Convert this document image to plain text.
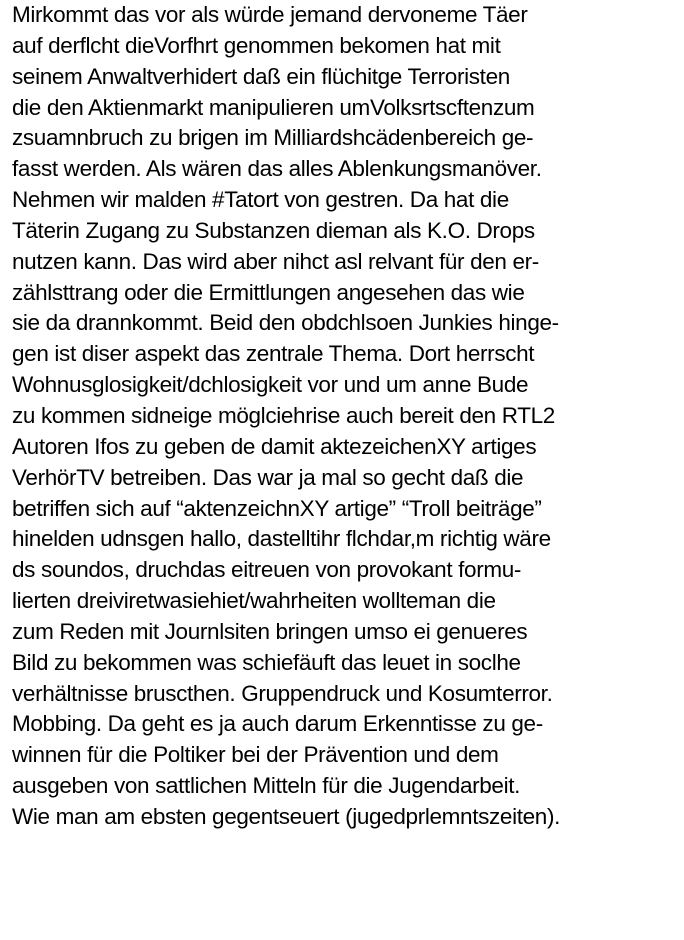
Mirkommt das vor als würde jemand dervoneme Täer
auf derflcht dieVorfhrt genommen bekomen hat mit
seinem Anwaltverhidert daß ein flüchitge Terroristen
die den Aktienmarkt manipulieren umVolksrtscftenzum
zsuamnbruch zu brigen im Milliardshcädenbereich ge-
fasst werden. Als wären das alles Ablenkungsmanöver.
Nehmen wir malden #Tatort von gestren. Da hat die
Täterin Zugang zu Substanzen dieman als K.O. Drops
nutzen kann. Das wird aber nihct asl relvant für den er-
zählsttrang oder die Ermittlungen angesehen das wie
sie da drannkommt. Beid den obdchlsoen Junkies hinge-
gen ist diser aspekt das zentrale Thema. Dort herrscht
Wohnusglosigkeit/dchlosigkeit vor und um anne Bude
zu kommen sidneige möglciehrise auch bereit den RTL2
Autoren Ifos zu geben de damit aktezeichenXY artiges
VerhörTV betreiben. Das war ja mal so gecht daß die
betriffen sich auf “aktenzeichnXY artige” “Troll beiträge”
hinelden udnsgen hallo, dastelltihr flchdar,m richtig wäre
ds soundos, druchdas eitreuen von provokant formu-
lierten dreiviretwasiehiet/wahrheiten wollteman die
zum Reden mit Journlsiten bringen umso ei genueres
Bild zu bekommen was schiefäuft das leuet in soclhe
verhältnisse bruscthen. Gruppendruck und Kosumterror.
Mobbing. Da geht es ja auch darum Erkenntisse zu ge-
winnen für die Poltiker bei der Prävention und dem
ausgeben von sattlichen Mitteln für die Jugendarbeit.
Wie man am ebsten gegentseuert (jugedprlemntszeiten).
